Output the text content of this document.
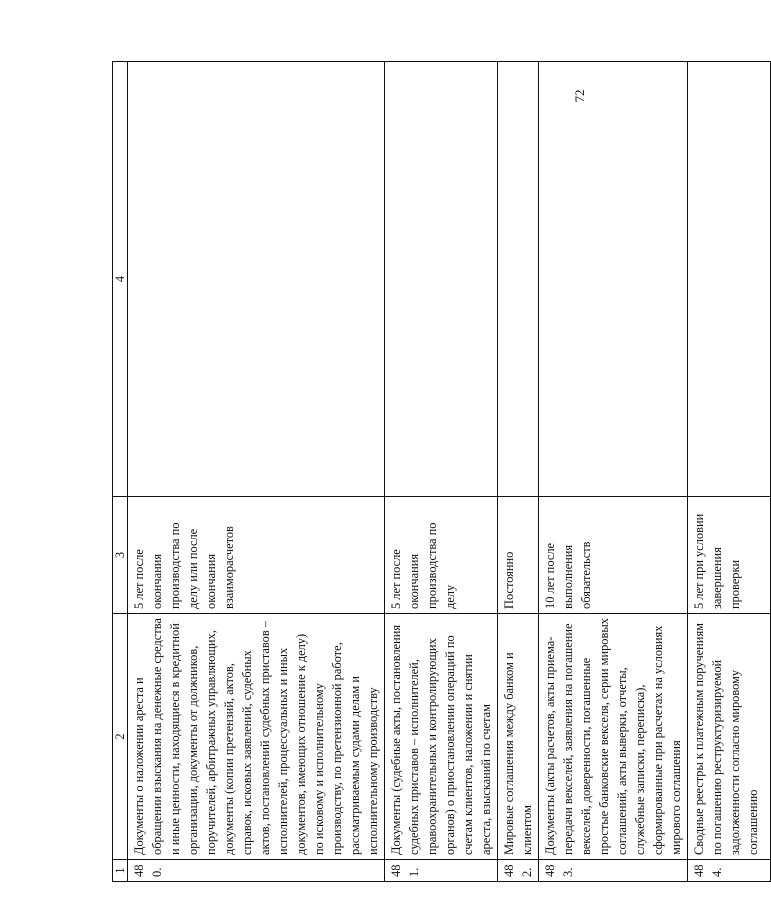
72
1	2	3	4
480.	Документы о наложении ареста и обращении взыскания на денежные средства и иные ценности, находящиеся в кредитной организации, документы от должников, поручителей, арбитражных управляющих, документы (копии претензий, актов, справок, исковых заявлений, судебных актов, постановлений судебных приставов – исполнителей, процессуальных и иных документов, имеющих отношение к делу) по исковому и исполнительному производству, по претензионной работе, рассматриваемым судами делам и исполнительному производству	5 лет после окончания производства по делу или после окончания взаиморасчетов	
481.	Документы (судебные акты, постановления судебных приставов – исполнителей, правоохранительных и контролирующих органов) о приостановлении операций по счетам клиентов, наложении и снятии ареста, взысканий по счетам	5 лет после окончания производства по делу	
482.	Мировые соглашения между банком и клиентом	Постоянно	
483.	Документы (акты расчетов, акты приема-передачи векселей, заявления на погашение векселей, доверенности, погашенные простые банковские векселя, серии мировых соглашений, акты выверки, отчеты, служебные записки, переписка), сформированные при расчетах на условиях мирового соглашения	10 лет после выполнения обязательств	
484.	Сводные реестры к платежным поручениям по погашению реструктуризируемой задолженности согласно мировому соглашению	5 лет при условии завершения проверки	
